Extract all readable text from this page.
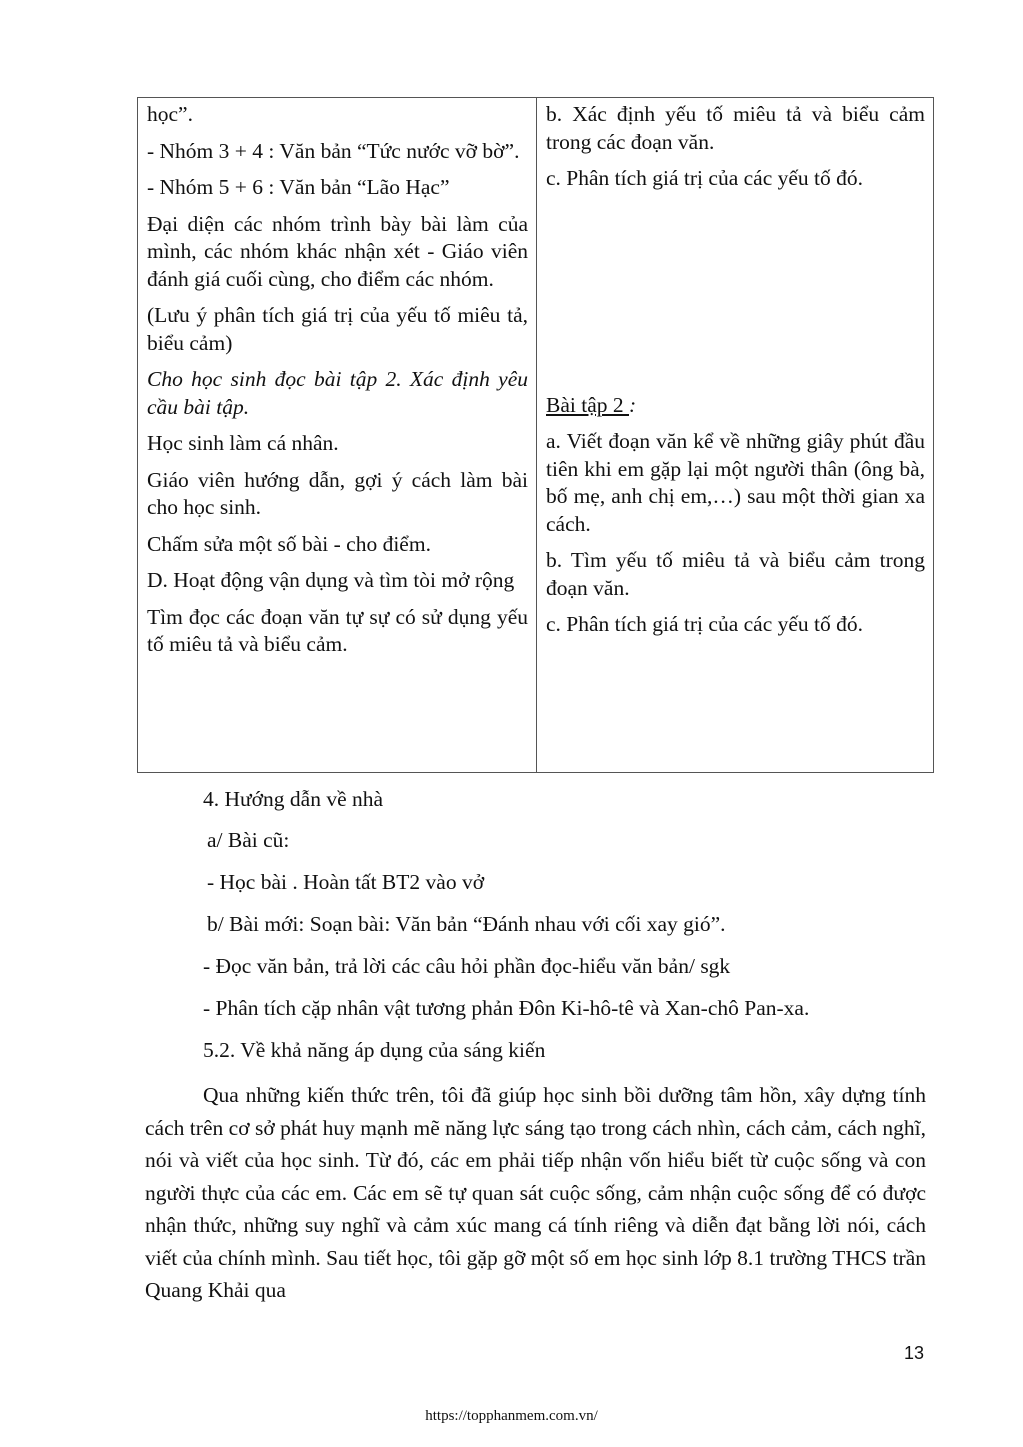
học”.

- Nhóm 3 + 4 : Văn bản “Tức nước vỡ bờ”.

- Nhóm 5 + 6 : Văn bản “Lão Hạc”

Đại diện các nhóm trình bày bài làm của mình, các nhóm khác nhận xét - Giáo viên đánh giá cuối cùng, cho điểm các nhóm.

(Lưu ý phân tích giá trị của yếu tố miêu tả, biểu cảm)

Cho học sinh đọc bài tập 2. Xác định yêu cầu bài tập.

Học sinh làm cá nhân.

Giáo viên hướng dẫn, gợi ý cách làm bài cho học sinh.

Chấm sửa một số bài - cho điểm.

D. Hoạt động vận dụng và tìm tòi mở rộng

Tìm đọc các đoạn văn tự sự có sử dụng yếu tố miêu tả và biểu cảm.

b. Xác định yếu tố miêu tả và biểu cảm trong các đoạn văn.

c. Phân tích giá trị của các yếu tố đó.

Bài tập 2 :

a. Viết đoạn văn kể về những giây phút đầu tiên khi em gặp lại một người thân (ông bà, bố mẹ, anh chị em,…) sau một thời gian xa cách.

b. Tìm yếu tố miêu tả và biểu cảm trong đoạn văn.

c. Phân tích giá trị của các yếu tố đó.

4. Hướng dẫn về nhà
a/ Bài cũ:
- Học bài . Hoàn tất BT2 vào vở
b/ Bài mới: Soạn bài: Văn bản “Đánh nhau với cối xay gió”.
- Đọc văn bản, trả lời các câu hỏi phần đọc-hiểu văn bản/ sgk
- Phân tích cặp nhân vật tương phản Đôn Ki-hô-tê và Xan-chô Pan-xa.
5.2. Về khả năng áp dụng của sáng kiến

Qua những kiến thức trên, tôi đã giúp học sinh bồi dưỡng tâm hồn, xây dựng tính cách trên cơ sở phát huy mạnh mẽ năng lực sáng tạo trong cách nhìn, cách cảm, cách nghĩ, nói và viết của học sinh. Từ đó, các em phải tiếp nhận vốn hiểu biết từ cuộc sống và con người thực của các em. Các em sẽ tự quan sát cuộc sống, cảm nhận cuộc sống để có được nhận thức, những suy nghĩ và cảm xúc mang cá tính riêng và diễn đạt bằng lời nói, cách viết của chính mình. Sau tiết học, tôi gặp gỡ một số em học sinh lớp 8.1 trường THCS trần Quang Khải qua

13
https://topphanmem.com.vn/
